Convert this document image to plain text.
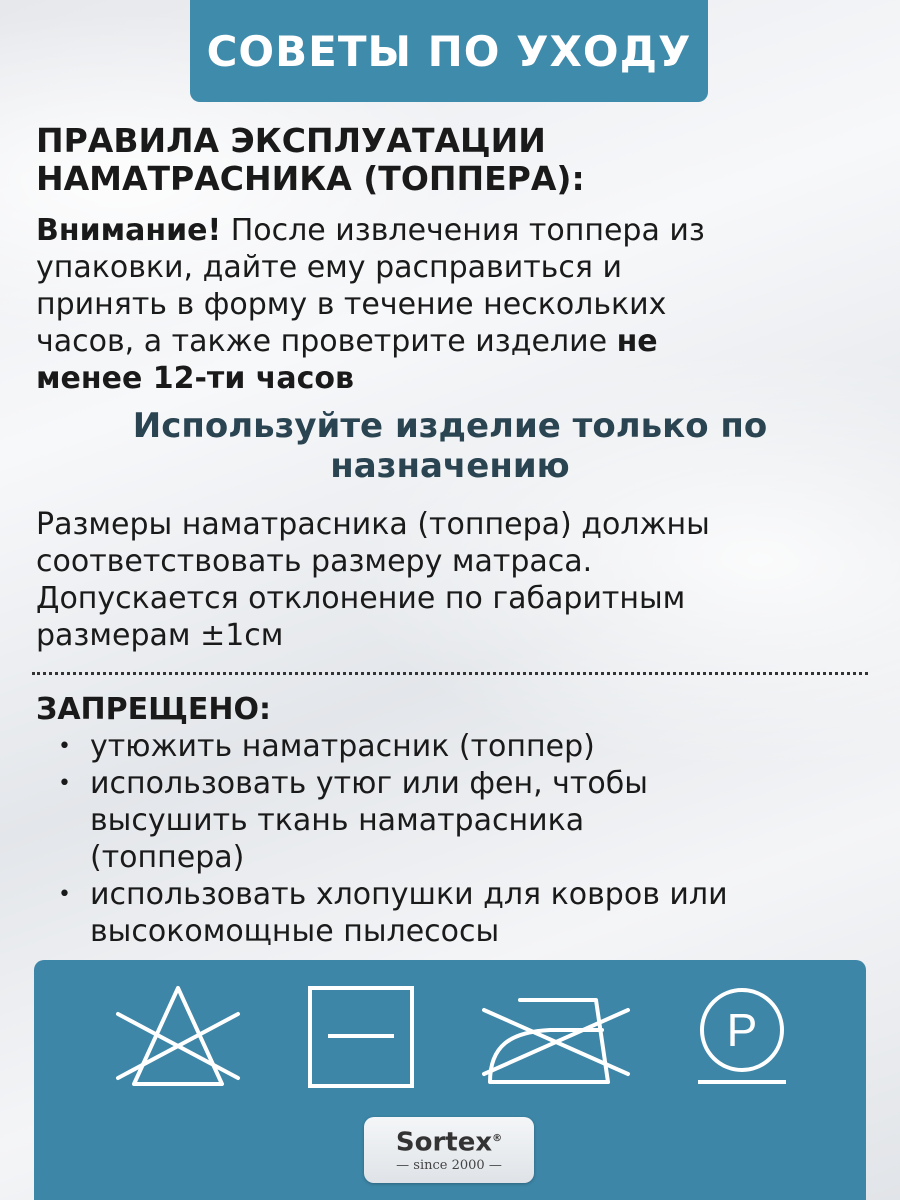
СОВЕТЫ ПО УХОДУ
ПРАВИЛА ЭКСПЛУАТАЦИИ
НАМАТРАСНИКА (ТОППЕРА):
Внимание! После извлечения топпера из
упаковки, дайте ему расправиться и
принять в форму в течение нескольких
часов, а также проветрите изделие не
менее 12-ти часов
Используйте изделие только по
назначению
Размеры наматрасника (топпера) должны
соответствовать размеру матраса.
Допускается отклонение по габаритным
размерам ±1см
ЗАПРЕЩЕНО:
• утюжить наматрасник (топпер)
• использовать утюг или фен, чтобы
высушить ткань наматрасника
(топпера)
• использовать хлопушки для ковров или
высокомощные пылесосы
P
Sortex®
— since 2000 —
